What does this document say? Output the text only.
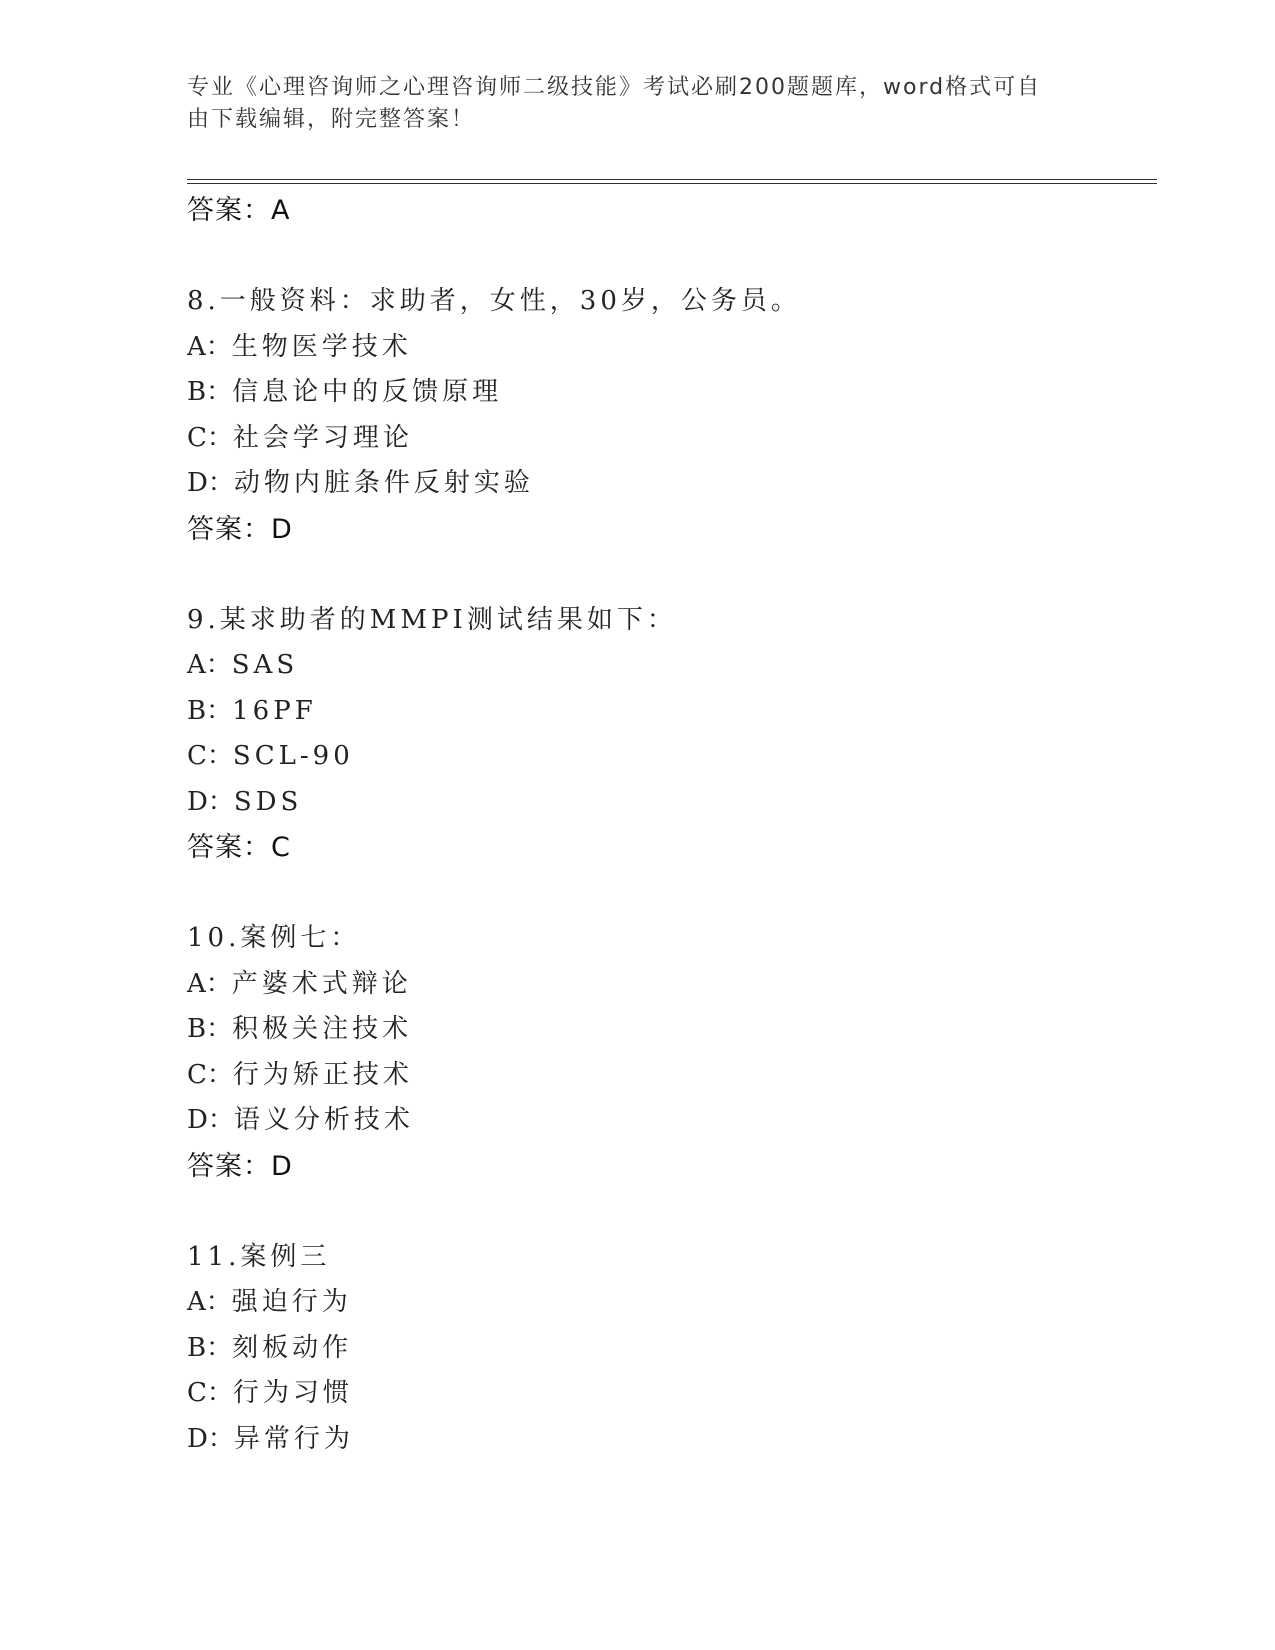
专业《心理咨询师之心理咨询师二级技能》考试必刷200题题库，word格式可自
由下载编辑，附完整答案！
答案：A
8.一般资料：求助者，女性，30岁，公务员。
A：生物医学技术
B：信息论中的反馈原理
C：社会学习理论
D：动物内脏条件反射实验
答案：D
9.某求助者的MMPI测试结果如下：
A：SAS
B：16PF
C：SCL-90
D：SDS
答案：C
10.案例七：
A：产婆术式辩论
B：积极关注技术
C：行为矫正技术
D：语义分析技术
答案：D
11.案例三
A：强迫行为
B：刻板动作
C：行为习惯
D：异常行为
